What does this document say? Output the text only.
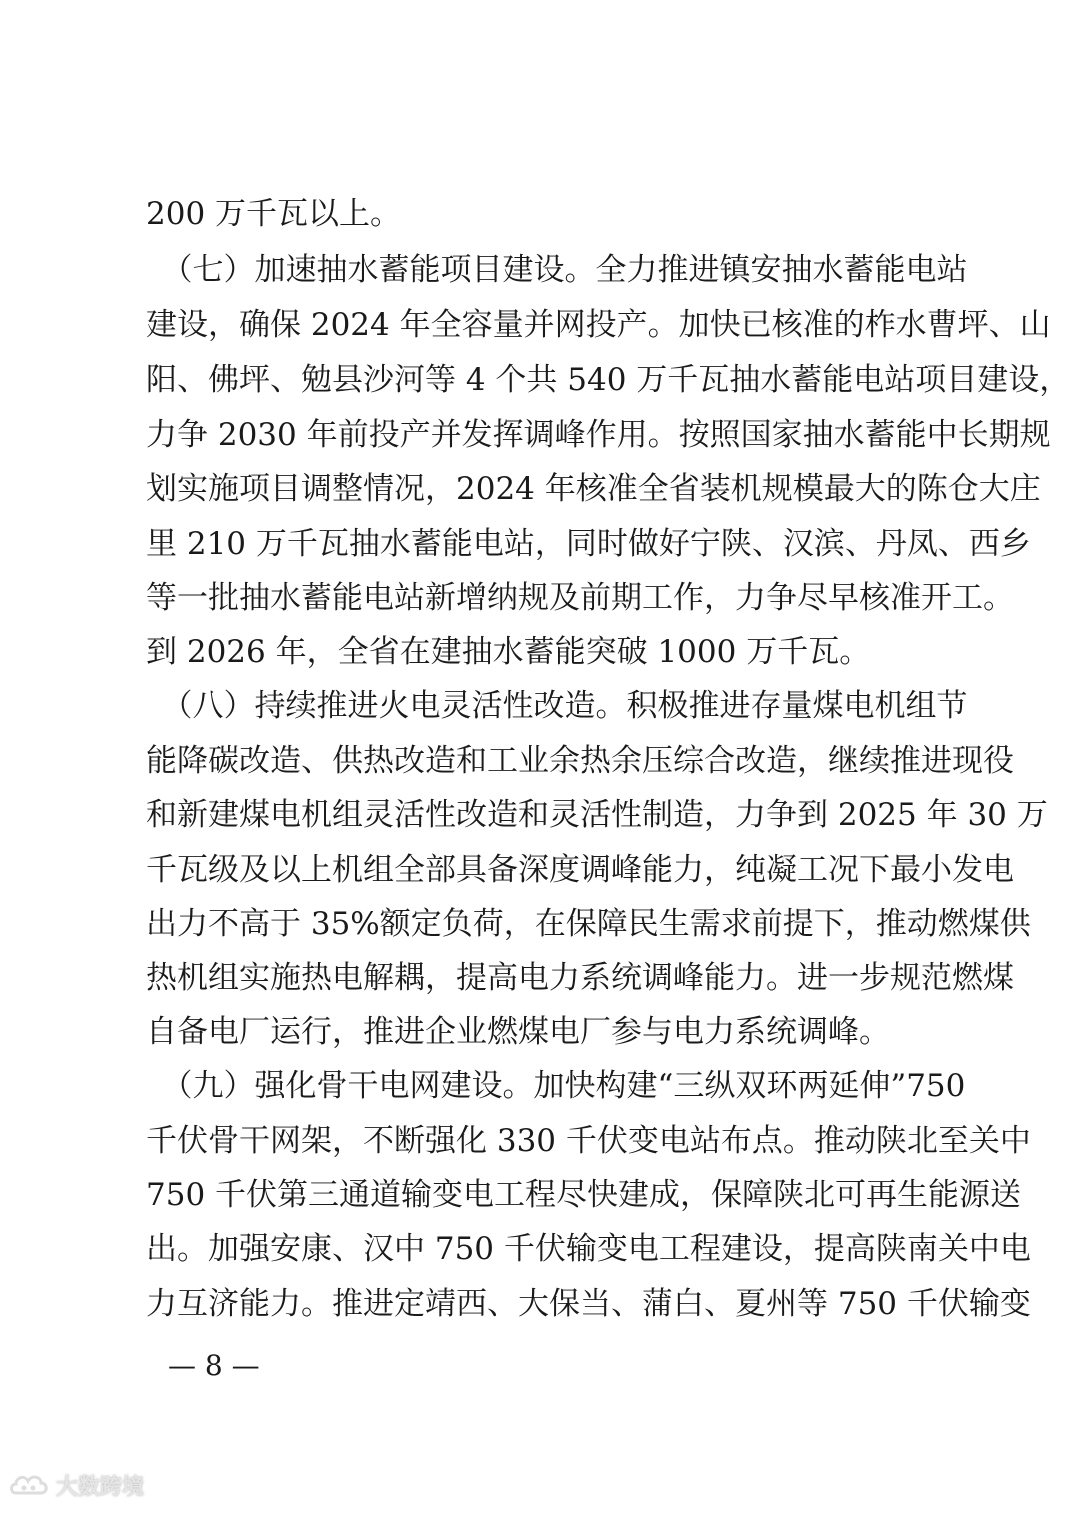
200 万千瓦以上。
　（七）加速抽水蓄能项目建设。全力推进镇安抽水蓄能电站
建设，确保 2024 年全容量并网投产。加快已核准的柞水曹坪、山
阳、佛坪、勉县沙河等 4 个共 540 万千瓦抽水蓄能电站项目建设，
力争 2030 年前投产并发挥调峰作用。按照国家抽水蓄能中长期规
划实施项目调整情况，2024 年核准全省装机规模最大的陈仓大庄
里 210 万千瓦抽水蓄能电站，同时做好宁陕、汉滨、丹凤、西乡
等一批抽水蓄能电站新增纳规及前期工作，力争尽早核准开工。
到 2026 年，全省在建抽水蓄能突破 1000 万千瓦。
　（八）持续推进火电灵活性改造。积极推进存量煤电机组节
能降碳改造、供热改造和工业余热余压综合改造，继续推进现役
和新建煤电机组灵活性改造和灵活性制造，力争到 2025 年 30 万
千瓦级及以上机组全部具备深度调峰能力，纯凝工况下最小发电
出力不高于 35%额定负荷，在保障民生需求前提下，推动燃煤供
热机组实施热电解耦，提高电力系统调峰能力。进一步规范燃煤
自备电厂运行，推进企业燃煤电厂参与电力系统调峰。
　（九）强化骨干电网建设。加快构建“三纵双环两延伸”750
千伏骨干网架，不断强化 330 千伏变电站布点。推动陕北至关中
750 千伏第三通道输变电工程尽快建成，保障陕北可再生能源送
出。加强安康、汉中 750 千伏输变电工程建设，提高陕南关中电
力互济能力。推进定靖西、大保当、蒲白、夏州等 750 千伏输变
— 8 —
大数跨境
